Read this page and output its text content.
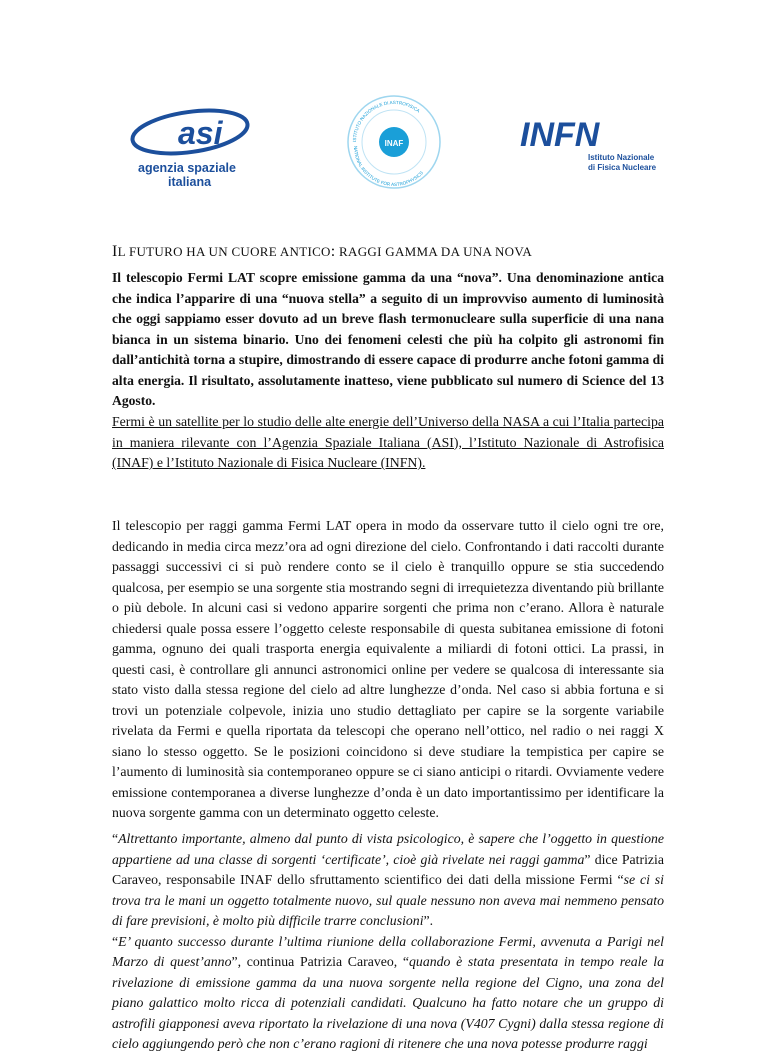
asi
agenzia spaziale
italiana
INAF
ISTITUTO NAZIONALE DI ASTROFISICA
NATIONAL INSTITUTE FOR ASTROPHYSICS
INFN
Istituto Nazionale
di Fisica Nucleare
IL FUTURO HA UN CUORE ANTICO: RAGGI GAMMA DA UNA NOVA

Il telescopio Fermi LAT scopre emissione gamma da una “nova”. Una denominazione antica che indica l’apparire di una “nuova stella” a seguito di un improvviso aumento di luminosità che oggi sappiamo esser dovuto ad un breve flash termonucleare sulla superficie di una nana bianca in un sistema binario. Uno dei fenomeni celesti che più ha colpito gli astronomi fin dall’antichità torna a stupire, dimostrando di essere capace di produrre anche fotoni gamma di alta energia. Il risultato, assolutamente inatteso, viene pubblicato sul numero di Science del 13 Agosto.

Fermi è un satellite per lo studio delle alte energie dell’Universo della NASA a cui l’Italia partecipa in maniera rilevante con l’Agenzia Spaziale Italiana (ASI), l’Istituto Nazionale di Astrofisica (INAF) e l’Istituto Nazionale di Fisica Nucleare (INFN).

Il telescopio per raggi gamma Fermi LAT opera in modo da osservare tutto il cielo ogni tre ore, dedicando in media circa mezz’ora ad ogni direzione del cielo. Confrontando i dati raccolti durante passaggi successivi ci si può rendere conto se il cielo è tranquillo oppure se stia succedendo qualcosa, per esempio se una sorgente stia mostrando segni di irrequietezza diventando più brillante o più debole. In alcuni casi si vedono apparire sorgenti che prima non c’erano. Allora è naturale chiedersi quale possa essere l’oggetto celeste responsabile di questa subitanea emissione di fotoni gamma, ognuno dei quali trasporta energia equivalente a miliardi di fotoni ottici. La prassi, in questi casi, è controllare gli annunci astronomici online per vedere se qualcosa di interessante sia stato visto dalla stessa regione del cielo ad altre lunghezze d’onda. Nel caso si abbia fortuna e si trovi un potenziale colpevole, inizia uno studio dettagliato per capire se la sorgente variabile rivelata da Fermi e quella riportata da telescopi che operano nell’ottico, nel radio o nei raggi X siano lo stesso oggetto. Se le posizioni coincidono si deve studiare la tempistica per capire se l’aumento di luminosità sia contemporaneo oppure se ci siano anticipi o ritardi. Ovviamente vedere emissione contemporanea a diverse lunghezze d’onda è un dato importantissimo per identificare la nuova sorgente gamma con un determinato oggetto celeste.

“Altrettanto importante, almeno dal punto di vista psicologico, è sapere che l’oggetto in questione appartiene ad una classe di sorgenti ‘certificate’, cioè già rivelate nei raggi gamma” dice Patrizia Caraveo, responsabile INAF dello sfruttamento scientifico dei dati della missione Fermi “se ci si trova tra le mani un oggetto totalmente nuovo, sul quale nessuno non aveva mai nemmeno pensato di fare previsioni, è molto più difficile trarre conclusioni”.
“E’ quanto successo durante l’ultima riunione della collaborazione Fermi, avvenuta a Parigi nel Marzo di quest’anno”, continua Patrizia Caraveo, “quando è stata presentata in tempo reale la rivelazione di emissione gamma da una nuova sorgente nella regione del Cigno, una zona del piano galattico molto ricca di potenziali candidati. Qualcuno ha fatto notare che un gruppo di astrofili giapponesi aveva riportato la rivelazione di una nova (V407 Cygni) dalla stessa regione di cielo aggiungendo però che non c’erano ragioni di ritenere che una nova potesse produrre raggi
